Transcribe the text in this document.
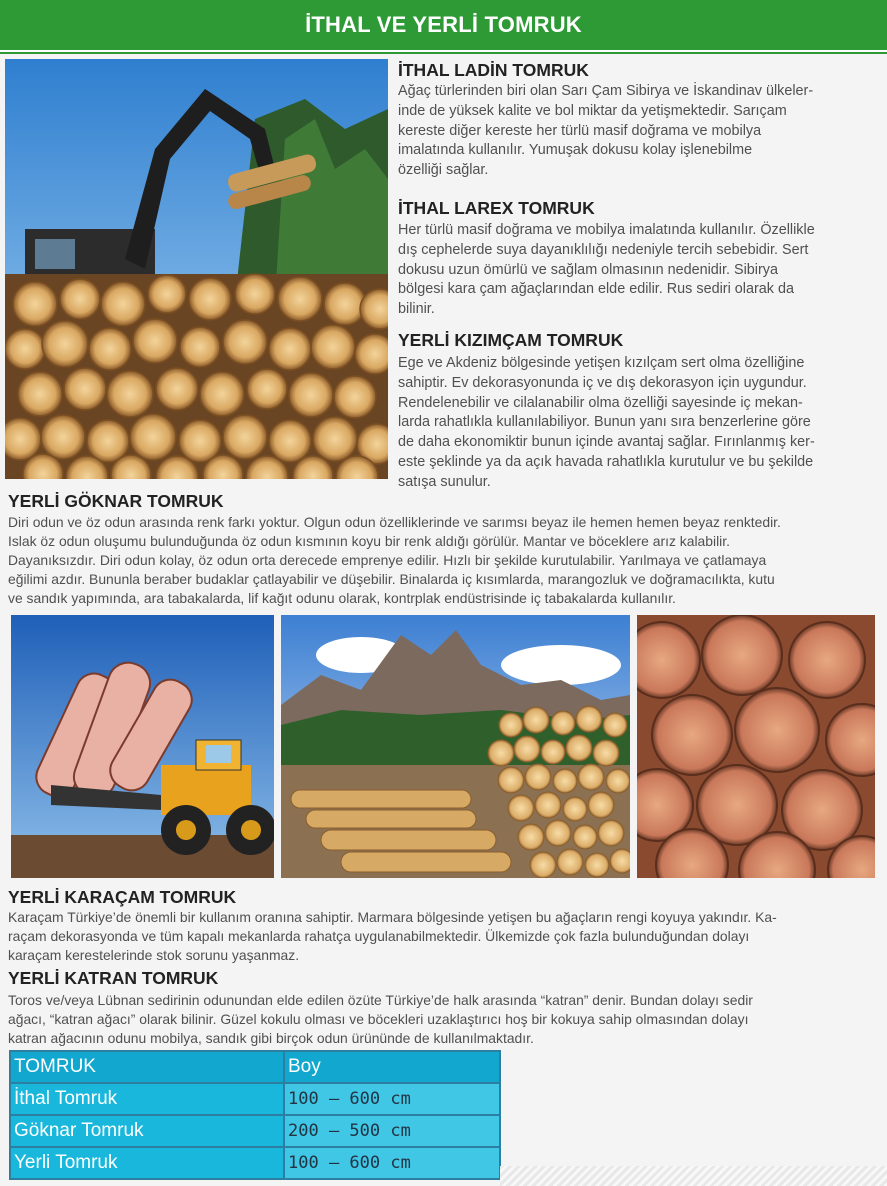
İTHAL VE YERLİ TOMRUK
İTHAL LADİN TOMRUK
Ağaç türlerinden biri olan Sarı Çam Sibirya ve İskandinav ülkeler-
inde de yüksek kalite ve bol miktar da yetişmektedir. Sarıçam
kereste diğer kereste her türlü masif doğrama ve mobilya
imalatında kullanılır. Yumuşak dokusu kolay işlenebilme
özelliği sağlar.
İTHAL LAREX TOMRUK
Her türlü masif doğrama ve mobilya imalatında kullanılır. Özellikle
dış cephelerde suya dayanıklılığı nedeniyle tercih sebebidir. Sert
dokusu uzun ömürlü ve sağlam olmasının nedenidir. Sibirya
bölgesi kara çam ağaçlarından elde edilir. Rus sediri olarak da
bilinir.
YERLİ KIZIMÇAM TOMRUK
Ege ve Akdeniz bölgesinde yetişen kızılçam sert olma özelliğine
sahiptir. Ev dekorasyonunda iç ve dış dekorasyon için uygundur.
Rendelenebilir ve cilalanabilir olma özelliği sayesinde iç mekan-
larda rahatlıkla kullanılabiliyor. Bunun yanı sıra benzerlerine göre
de daha ekonomiktir bunun içinde avantaj sağlar. Fırınlanmış ker-
este şeklinde ya da açık havada rahatlıkla kurutulur ve bu şekilde
satışa sunulur.
YERLİ GÖKNAR TOMRUK
Diri odun ve öz odun arasında renk farkı yoktur. Olgun odun özelliklerinde ve sarımsı beyaz ile hemen hemen beyaz renktedir.
Islak öz odun oluşumu bulunduğunda öz odun kısmının koyu bir renk aldığı görülür. Mantar ve böceklere arız kalabilir.
Dayanıksızdır. Diri odun kolay, öz odun orta derecede emprenye edilir. Hızlı bir şekilde kurutulabilir. Yarılmaya ve çatlamaya
eğilimi azdır. Bununla beraber budaklar çatlayabilir ve düşebilir. Binalarda iç kısımlarda, marangozluk ve doğramacılıkta, kutu
ve sandık yapımında, ara tabakalarda, lif kağıt odunu olarak, kontrplak endüstrisinde iç tabakalarda kullanılır.
YERLİ KARAÇAM TOMRUK
Karaçam Türkiye’de önemli bir kullanım oranına sahiptir. Marmara bölgesinde yetişen bu ağaçların rengi koyuya yakındır. Ka-
raçam dekorasyonda ve tüm kapalı mekanlarda rahatça uygulanabilmektedir. Ülkemizde çok fazla bulunduğundan dolayı
karaçam kerestelerinde stok sorunu yaşanmaz.
YERLİ KATRAN TOMRUK
Toros ve/veya Lübnan sedirinin odunundan elde edilen özüte Türkiye’de halk arasında “katran” denir. Bundan dolayı sedir
ağacı, “katran ağacı” olarak bilinir. Güzel kokulu olması ve böcekleri uzaklaştırıcı hoş bir kokuya sahip olmasından dolayı
katran ağacının odunu mobilya, sandık gibi birçok odun ürününde de kullanılmaktadır.
TOMRUK	Boy
İthal Tomruk	100 – 600 cm
Göknar Tomruk	200 – 500 cm
Yerli Tomruk	100 – 600 cm
